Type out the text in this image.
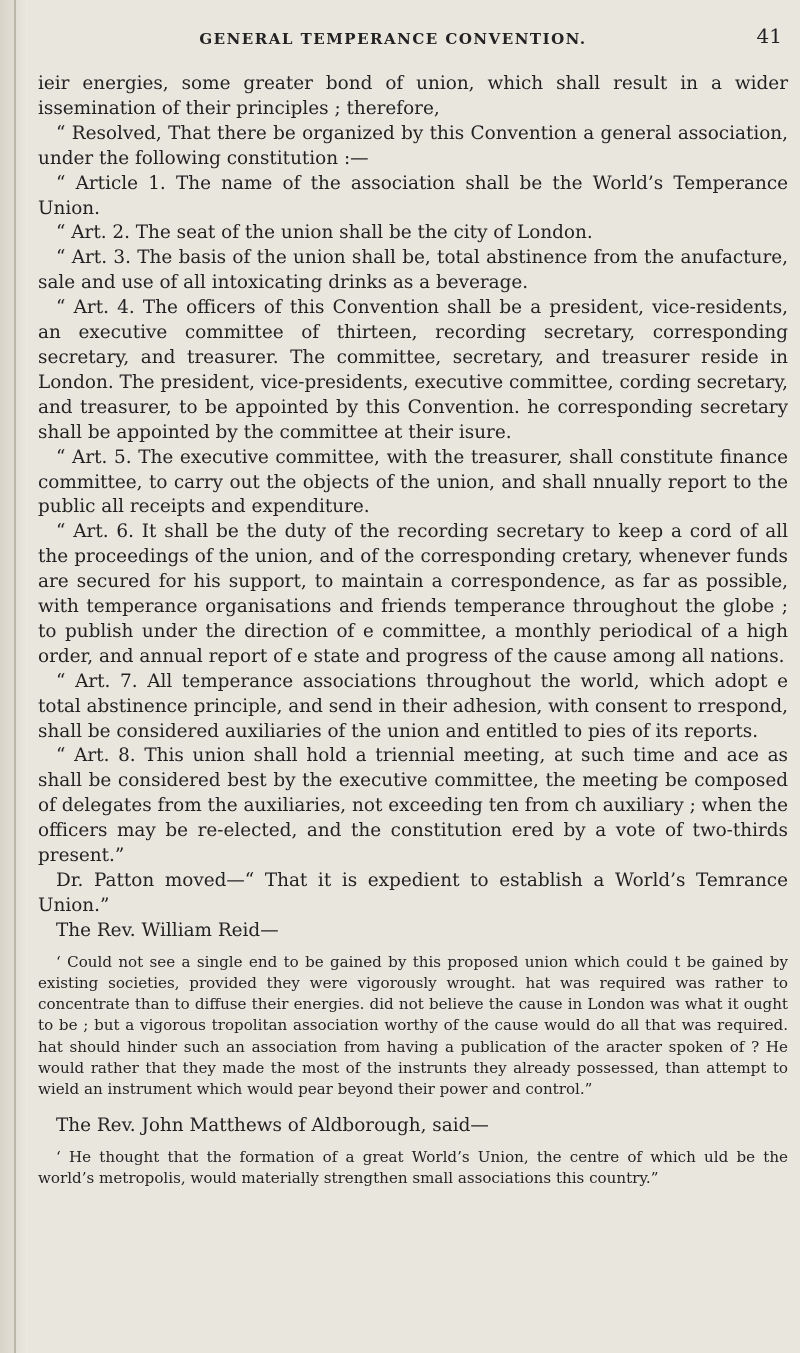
GENERAL TEMPERANCE CONVENTION.	41

ieir energies, some greater bond of union, which shall result in a wider issemination of their principles ; therefore,

“ Resolved, That there be organized by this Convention a general association, under the following constitution :—

“ Article 1. The name of the association shall be the World’s Temperance Union.

“ Art. 2. The seat of the union shall be the city of London.

“ Art. 3. The basis of the union shall be, total abstinence from the anufacture, sale and use of all intoxicating drinks as a beverage.

“ Art. 4. The officers of this Convention shall be a president, vice-residents, an executive committee of thirteen, recording secretary, corresponding secretary, and treasurer. The committee, secretary, and treasurer reside in London. The president, vice-presidents, executive committee, cording secretary, and treasurer, to be appointed by this Convention. he corresponding secretary shall be appointed by the committee at their isure.

“ Art. 5. The executive committee, with the treasurer, shall constitute finance committee, to carry out the objects of the union, and shall nnually report to the public all receipts and expenditure.

“ Art. 6. It shall be the duty of the recording secretary to keep a cord of all the proceedings of the union, and of the corresponding cretary, whenever funds are secured for his support, to maintain a correspondence, as far as possible, with temperance organisations and friends temperance throughout the globe ; to publish under the direction of e committee, a monthly periodical of a high order, and annual report of e state and progress of the cause among all nations.

“ Art. 7. All temperance associations throughout the world, which adopt e total abstinence principle, and send in their adhesion, with consent to rrespond, shall be considered auxiliaries of the union and entitled to pies of its reports.

“ Art. 8. This union shall hold a triennial meeting, at such time and ace as shall be considered best by the executive committee, the meeting be composed of delegates from the auxiliaries, not exceeding ten from ch auxiliary ; when the officers may be re-elected, and the constitution ered by a vote of two-thirds present.”

Dr. Patton moved—“ That it is expedient to establish a World’s Temrance Union.”

The Rev. William Reid—

‘ Could not see a single end to be gained by this proposed union which could t be gained by existing societies, provided they were vigorously wrought. hat was required was rather to concentrate than to diffuse their energies. did not believe the cause in London was what it ought to be ; but a vigorous tropolitan association worthy of the cause would do all that was required. hat should hinder such an association from having a publication of the aracter spoken of ? He would rather that they made the most of the instrunts they already possessed, than attempt to wield an instrument which would pear beyond their power and control.”

The Rev. John Matthews of Aldborough, said—

‘ He thought that the formation of a great World’s Union, the centre of which uld be the world’s metropolis, would materially strengthen small associations this country.”
